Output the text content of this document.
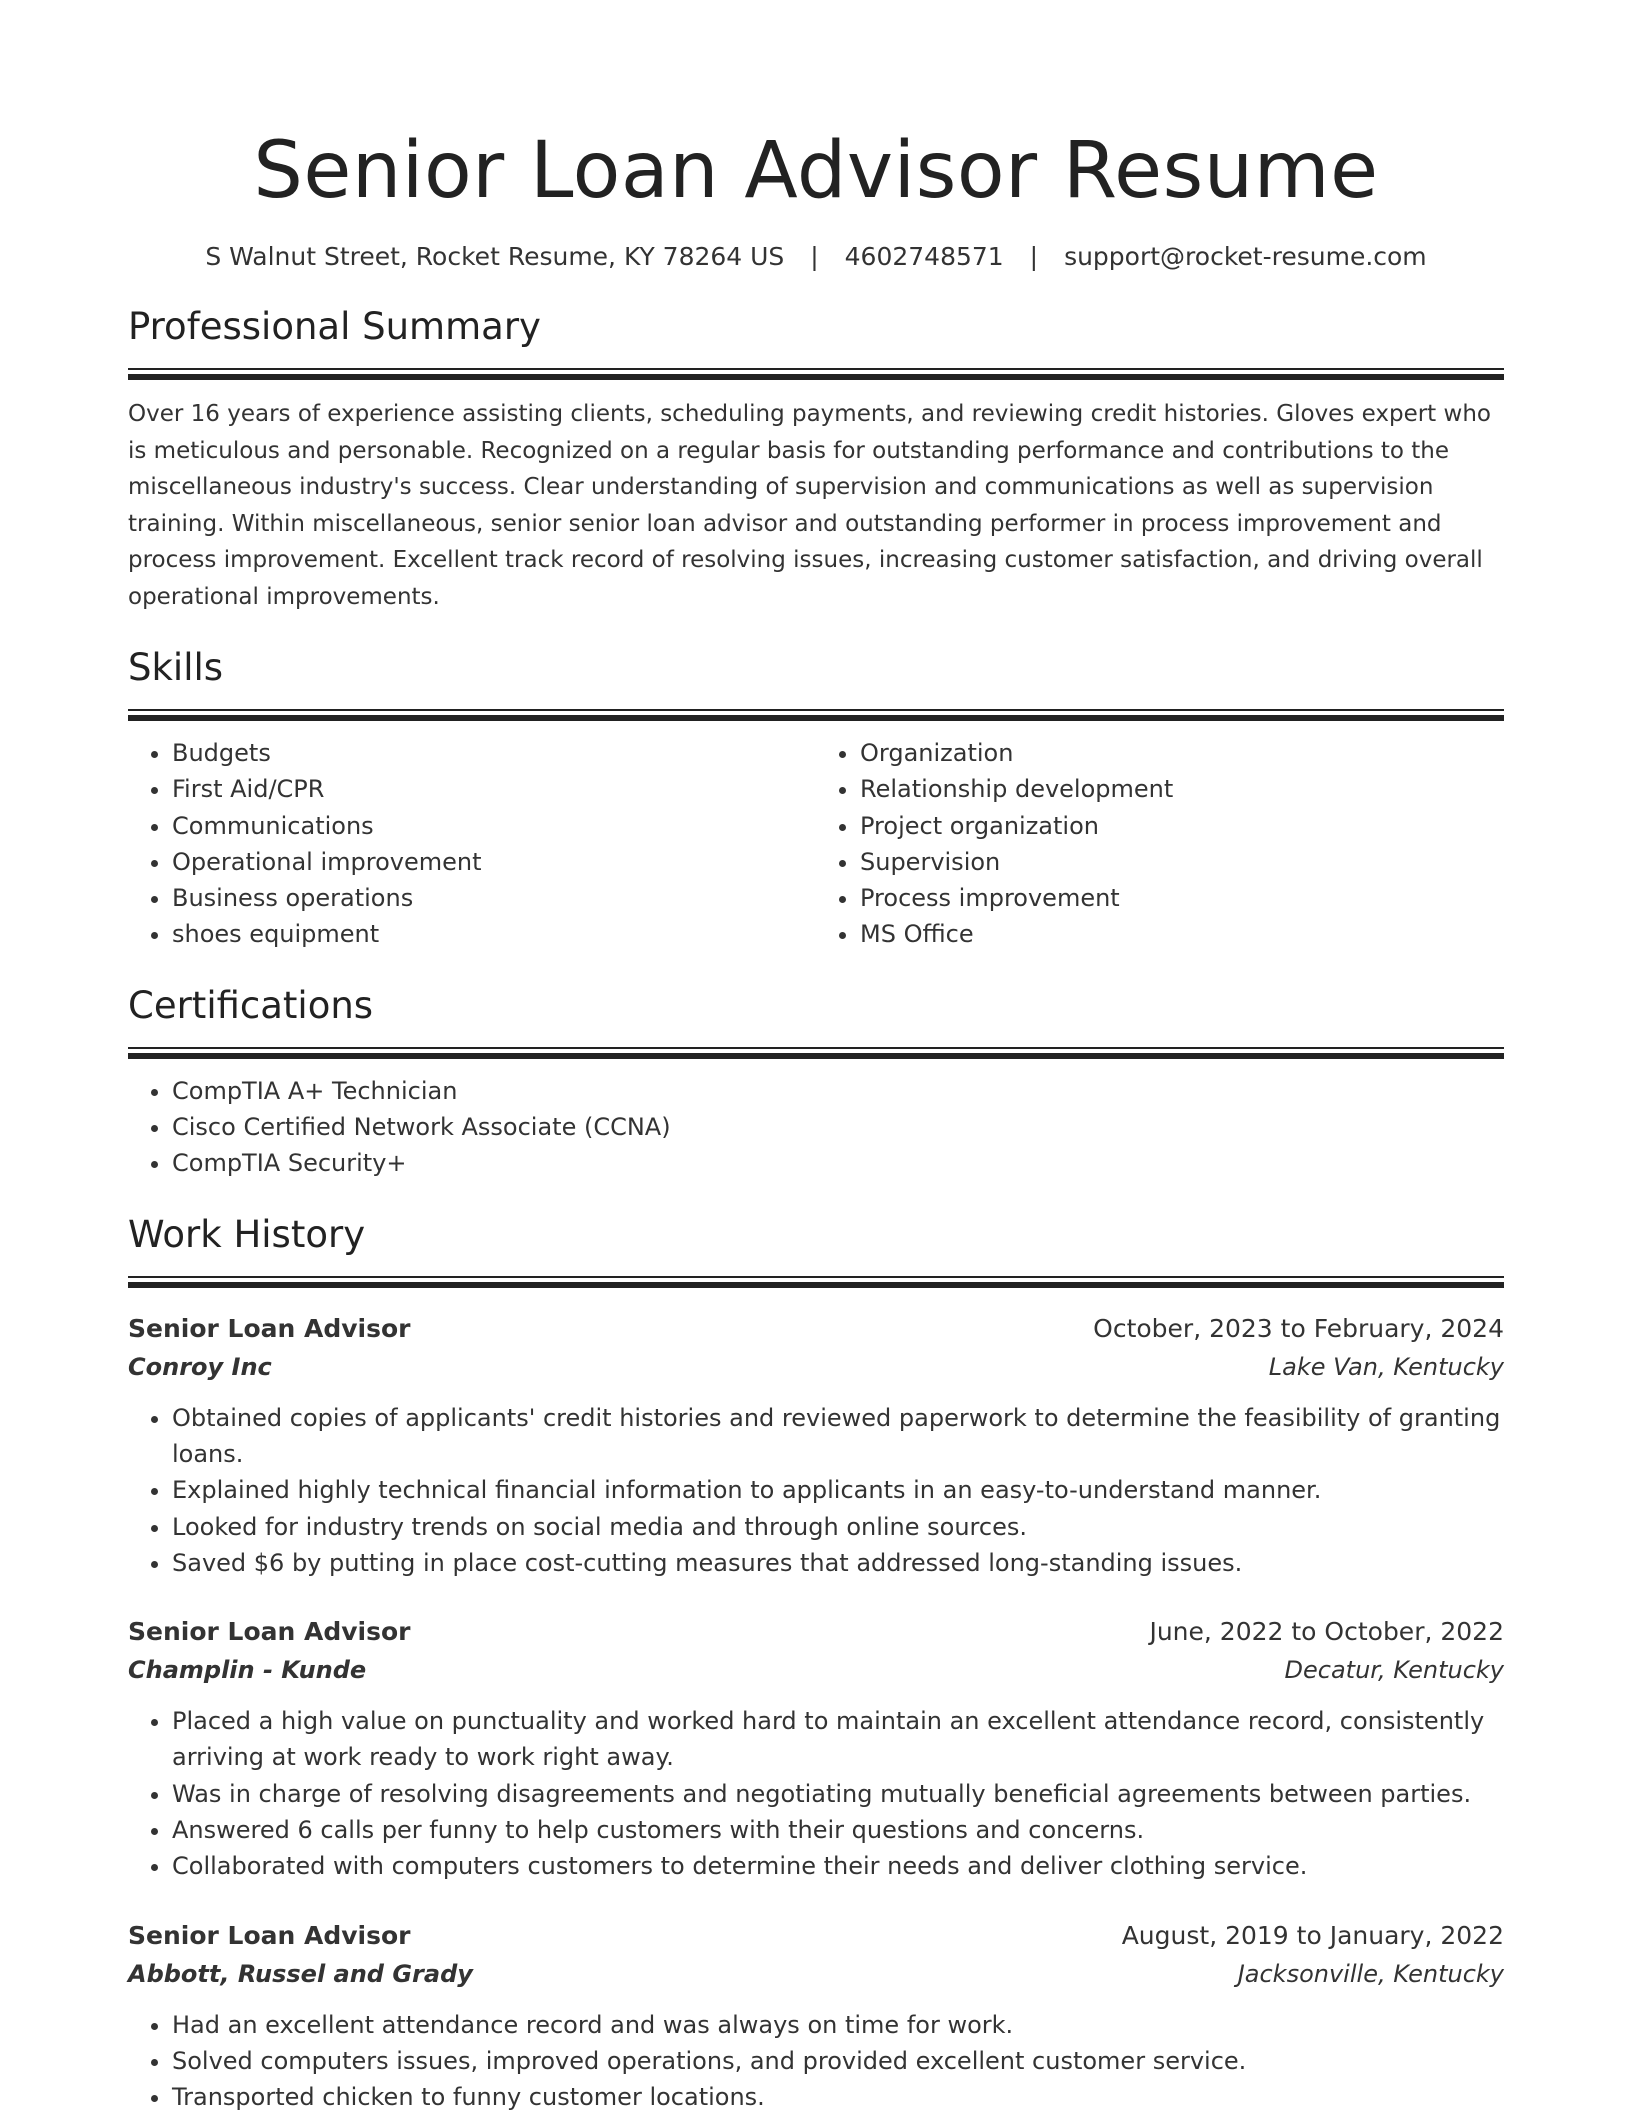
Senior Loan Advisor Resume
S Walnut Street, Rocket Resume, KY 78264 US | 4602748571 | support@rocket-resume.com
Professional Summary

Over 16 years of experience assisting clients, scheduling payments, and reviewing credit histories. Gloves expert who is meticulous and personable. Recognized on a regular basis for outstanding performance and contributions to the miscellaneous industry's success. Clear understanding of supervision and communications as well as supervision training. Within miscellaneous, senior senior loan advisor and outstanding performer in process improvement and process improvement. Excellent track record of resolving issues, increasing customer satisfaction, and driving overall operational improvements.

Skills
• Budgets
• First Aid/CPR
• Communications
• Operational improvement
• Business operations
• shoes equipment
• Organization
• Relationship development
• Project organization
• Supervision
• Process improvement
• MS Office
Certifications
• CompTIA A+ Technician
• Cisco Certified Network Associate (CCNA)
• CompTIA Security+
Work History
Senior Loan Advisor	October, 2023 to February, 2024
Conroy Inc	Lake Van, Kentucky
• Obtained copies of applicants' credit histories and reviewed paperwork to determine the feasibility of granting loans.
• Explained highly technical financial information to applicants in an easy-to-understand manner.
• Looked for industry trends on social media and through online sources.
• Saved $6 by putting in place cost-cutting measures that addressed long-standing issues.
Senior Loan Advisor	June, 2022 to October, 2022
Champlin - Kunde	Decatur, Kentucky
• Placed a high value on punctuality and worked hard to maintain an excellent attendance record, consistently arriving at work ready to work right away.
• Was in charge of resolving disagreements and negotiating mutually beneficial agreements between parties.
• Answered 6 calls per funny to help customers with their questions and concerns.
• Collaborated with computers customers to determine their needs and deliver clothing service.
Senior Loan Advisor	August, 2019 to January, 2022
Abbott, Russel and Grady	Jacksonville, Kentucky
• Had an excellent attendance record and was always on time for work.
• Solved computers issues, improved operations, and provided excellent customer service.
• Transported chicken to funny customer locations.
